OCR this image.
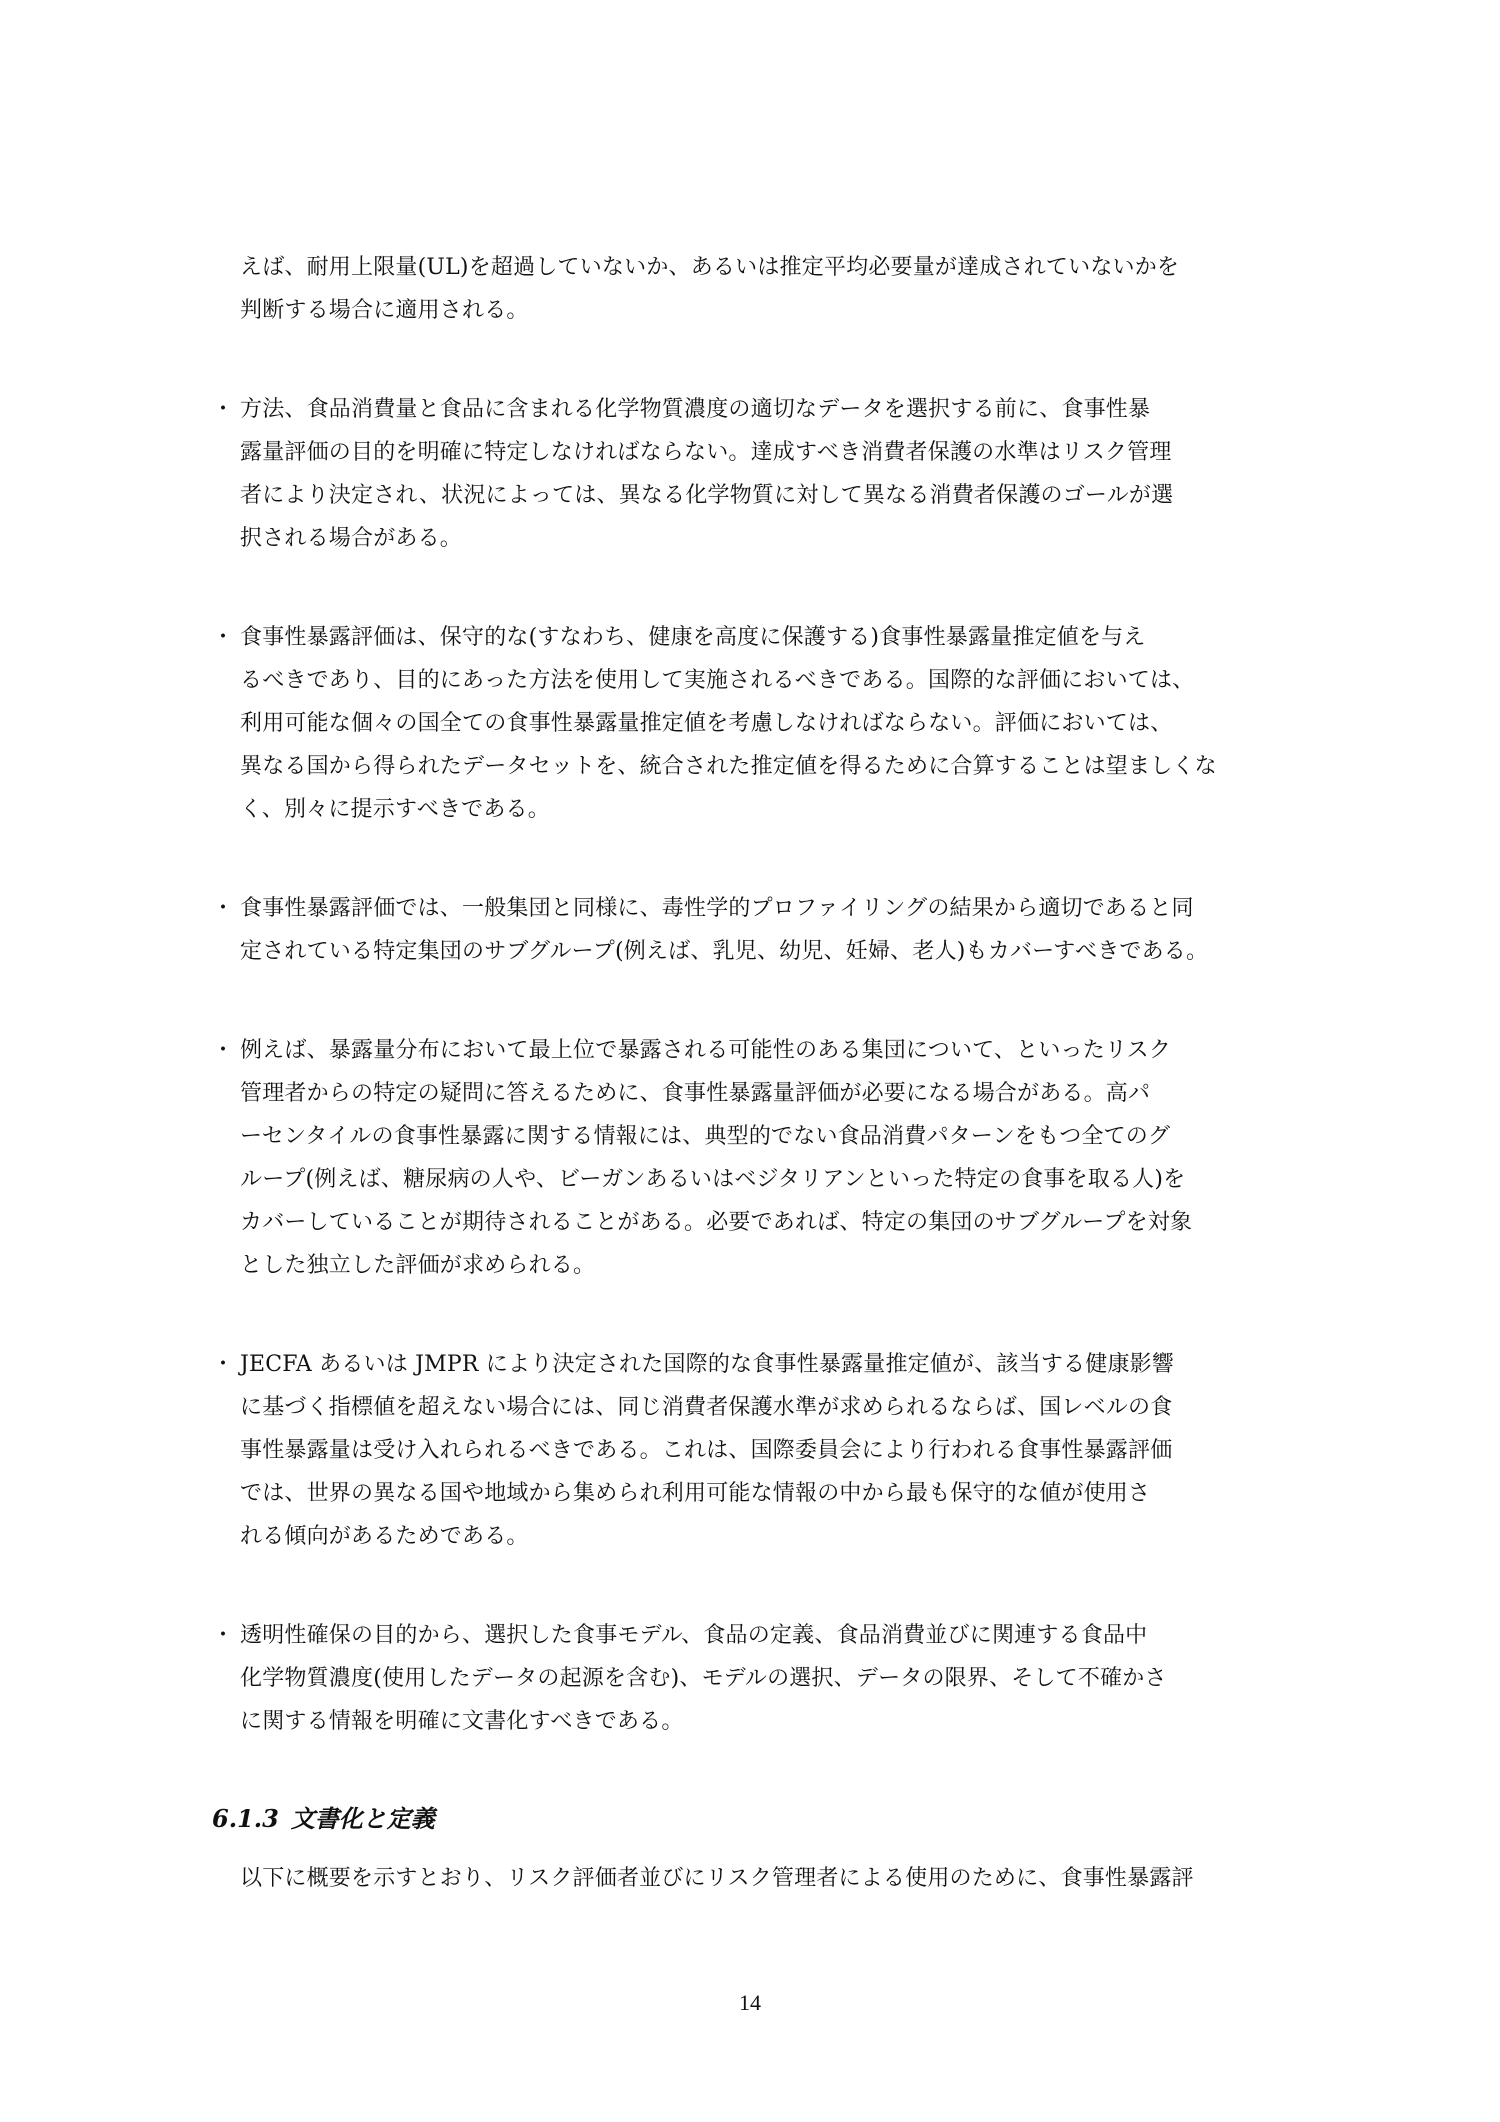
えば、耐用上限量(UL)を超過していないか、あるいは推定平均必要量が達成されていないかを
判断する場合に適用される。
・ 方法、食品消費量と食品に含まれる化学物質濃度の適切なデータを選択する前に、食事性暴
露量評価の目的を明確に特定しなければならない。達成すべき消費者保護の水準はリスク管理
者により決定され、状況によっては、異なる化学物質に対して異なる消費者保護のゴールが選
択される場合がある。
・ 食事性暴露評価は、保守的な(すなわち、健康を高度に保護する)食事性暴露量推定値を与え
るべきであり、目的にあった方法を使用して実施されるべきである。国際的な評価においては、
利用可能な個々の国全ての食事性暴露量推定値を考慮しなければならない。評価においては、
異なる国から得られたデータセットを、統合された推定値を得るために合算することは望ましくな
く、別々に提示すべきである。
・ 食事性暴露評価では、一般集団と同様に、毒性学的プロファイリングの結果から適切であると同
定されている特定集団のサブグループ(例えば、乳児、幼児、妊婦、老人)もカバーすべきである。
・ 例えば、暴露量分布において最上位で暴露される可能性のある集団について、といったリスク
管理者からの特定の疑問に答えるために、食事性暴露量評価が必要になる場合がある。高パ
ーセンタイルの食事性暴露に関する情報には、典型的でない食品消費パターンをもつ全てのグ
ループ(例えば、糖尿病の人や、ビーガンあるいはベジタリアンといった特定の食事を取る人)を
カバーしていることが期待されることがある。必要であれば、特定の集団のサブグループを対象
とした独立した評価が求められる。
・ JECFA あるいは JMPR により決定された国際的な食事性暴露量推定値が、該当する健康影響
に基づく指標値を超えない場合には、同じ消費者保護水準が求められるならば、国レベルの食
事性暴露量は受け入れられるべきである。これは、国際委員会により行われる食事性暴露評価
では、世界の異なる国や地域から集められ利用可能な情報の中から最も保守的な値が使用さ
れる傾向があるためである。
・ 透明性確保の目的から、選択した食事モデル、食品の定義、食品消費並びに関連する食品中
化学物質濃度(使用したデータの起源を含む)、モデルの選択、データの限界、そして不確かさ
に関する情報を明確に文書化すべきである。
6.1.3 文書化と定義
以下に概要を示すとおり、リスク評価者並びにリスク管理者による使用のために、食事性暴露評
14
